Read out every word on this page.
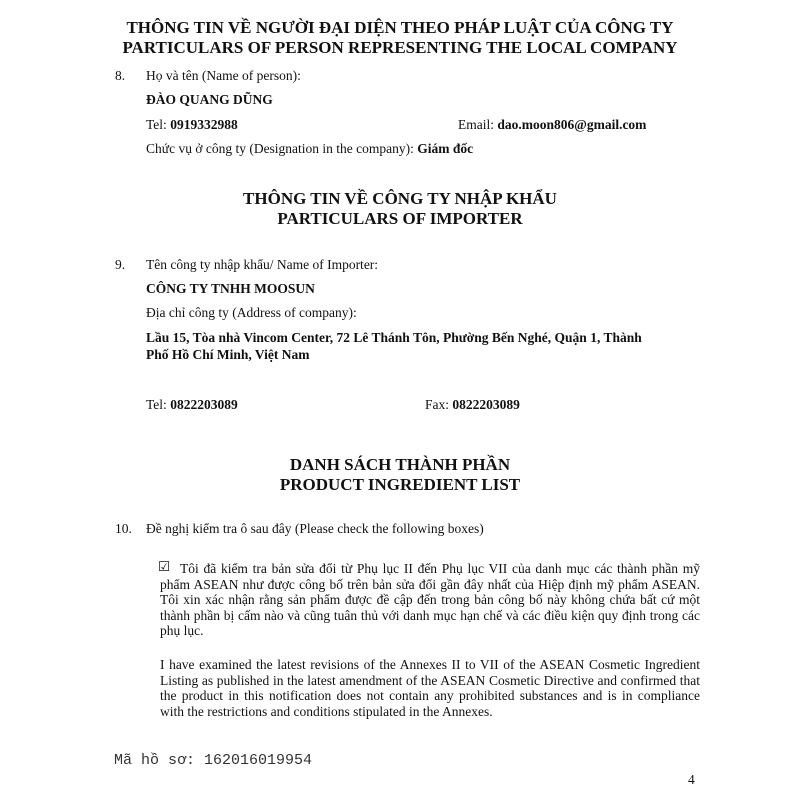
THÔNG TIN VỀ NGƯỜI ĐẠI DIỆN THEO PHÁP LUẬT CỦA CÔNG TY
PARTICULARS OF PERSON REPRESENTING THE LOCAL COMPANY
8. Họ và tên (Name of person):
ĐÀO QUANG DŨNG
Tel: 0919332988	Email: dao.moon806@gmail.com
Chức vụ ở công ty (Designation in the company): Giám đốc
THÔNG TIN VỀ CÔNG TY NHẬP KHẨU
PARTICULARS OF IMPORTER
9. Tên công ty nhập khẩu/ Name of Importer:
CÔNG TY TNHH MOOSUN
Địa chỉ công ty (Address of company):
Lầu 15, Tòa nhà Vincom Center, 72 Lê Thánh Tôn, Phường Bến Nghé, Quận 1, Thành
Phố Hồ Chí Minh, Việt Nam
Tel: 0822203089	Fax: 0822203089
DANH SÁCH THÀNH PHẦN
PRODUCT INGREDIENT LIST
10. Đề nghị kiểm tra ô sau đây (Please check the following boxes)
☑ Tôi đã kiểm tra bản sửa đổi từ Phụ lục II đến Phụ lục VII của danh mục các thành phần mỹ phẩm ASEAN như được công bố trên bản sửa đổi gần đây nhất của Hiệp định mỹ phẩm ASEAN. Tôi xin xác nhận rằng sản phẩm được đề cập đến trong bản công bố này không chứa bất cứ một thành phần bị cấm nào và cũng tuân thủ với danh mục hạn chế và các điều kiện quy định trong các phụ lục.
I have examined the latest revisions of the Annexes II to VII of the ASEAN Cosmetic Ingredient Listing as published in the latest amendment of the ASEAN Cosmetic Directive and confirmed that the product in this notification does not contain any prohibited substances and is in compliance with the restrictions and conditions stipulated in the Annexes.
Mã hồ sơ: 162016019954
4
